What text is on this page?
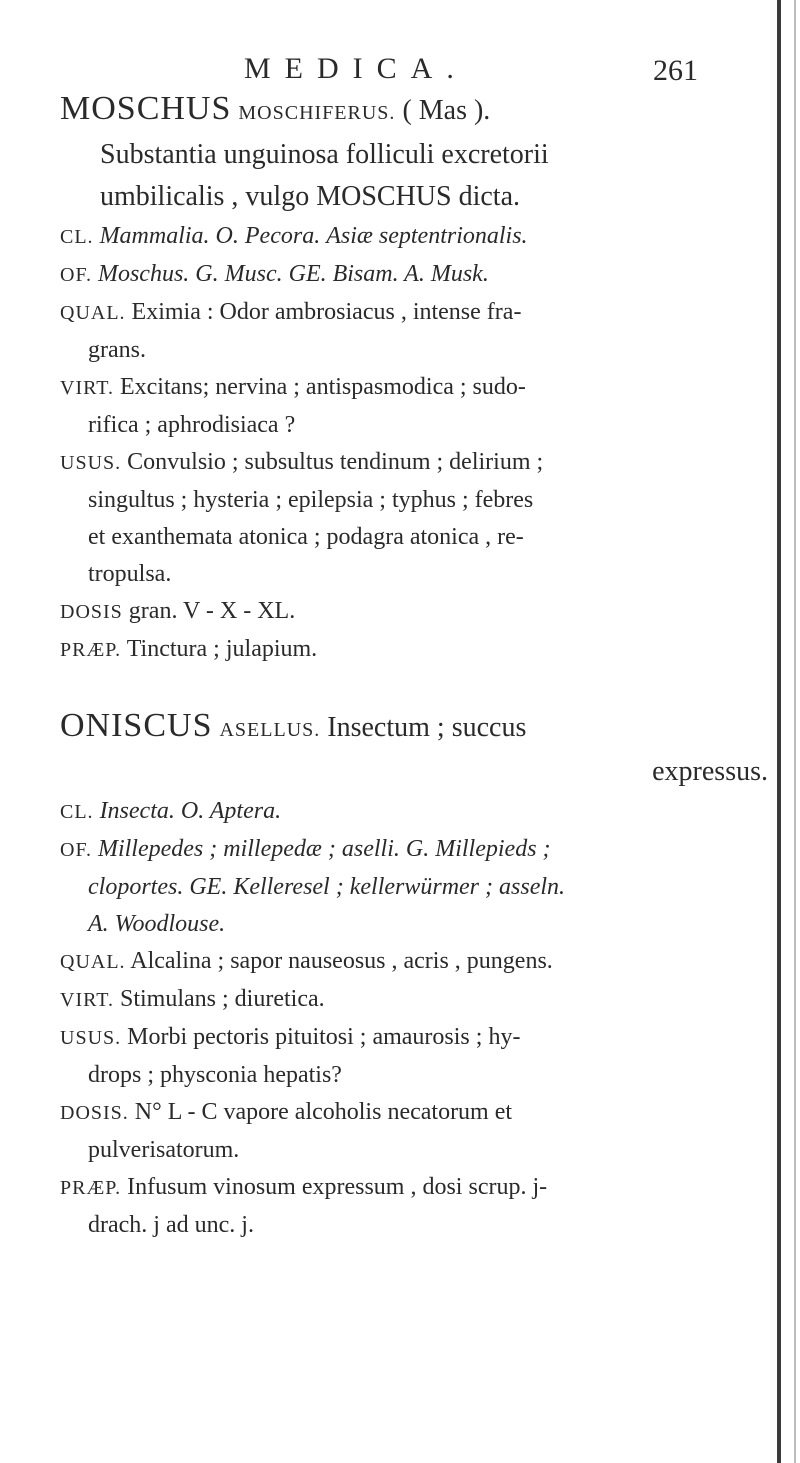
MEDICA.	261
MOSCHUS MOSCHIFERUS. ( Mas ).
Substantia unguinosa folliculi excretorii
umbilicalis , vulgo MOSCHUS dicta.
CL. Mammalia. O. Pecora. Asiæ septentrionalis.
OF. Moschus. G. Musc. GE. Bisam. A. Musk.
QUAL. Eximia : Odor ambrosiacus , intense fra-
grans.
VIRT. Excitans; nervina ; antispasmodica ; sudo-
rifica ; aphrodisiaca ?
USUS. Convulsio ; subsultus tendinum ; delirium ;
singultus ; hysteria ; epilepsia ; typhus ; febres
et exanthemata atonica ; podagra atonica , re-
tropulsa.
DOSIS gran. V - X - XL.
PRÆP. Tinctura ; julapium.
ONISCUS ASELLUS. Insectum ; succus
expressus.
CL. Insecta. O. Aptera.
OF. Millepedes ; millepedæ ; aselli. G. Millepieds ;
cloportes. GE. Kelleresel ; kellerwürmer ; asseln.
A. Woodlouse.
QUAL. Alcalina ; sapor nauseosus , acris , pungens.
VIRT. Stimulans ; diuretica.
USUS. Morbi pectoris pituitosi ; amaurosis ; hy-
drops ; physconia hepatis?
DOSIS. N° L - C vapore alcoholis necatorum et
pulverisatorum.
PRÆP. Infusum vinosum expressum , dosi scrup. j-
drach. j ad unc. j.
